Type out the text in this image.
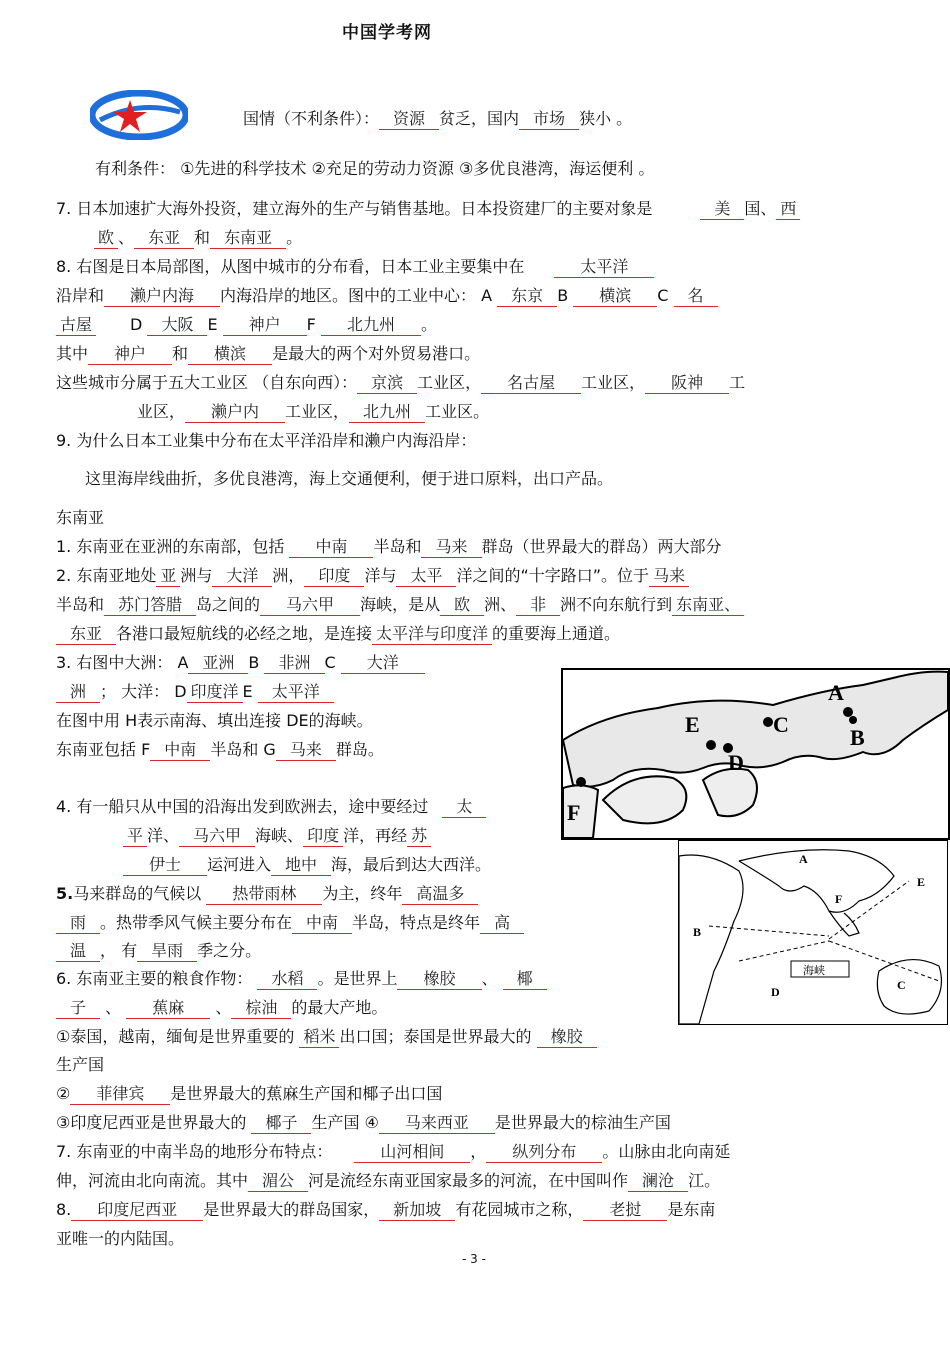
中国学考网
国情（不利条件）： 资源 贫乏，国内 市场 狭小 。
有利条件： ①先进的科学技术 ②充足的劳动力资源 ③多优良港湾，海运便利 。
7. 日本加速扩大海外投资，建立海外的生产与销售基地。日本投资建厂的主要对象是	美 国、 西
欧 、 东亚 和 东南亚 。
8. 右图是日本局部图，从图中城市的分布看，日本工业主要集中在	太平洋
沿岸和 濑户内海 内海沿岸的地区。图中的工业中心： A 东京 B 横滨 C 名
古屋 D 大阪 E 神户 F 北九州 。
其中 神户 和 横滨 是最大的两个对外贸易港口。
这些城市分属于五大工业区 （自东向西）： 京滨 工业区， 名古屋 工业区， 阪神 工
业区， 濑户内 工业区， 北九州 工业区。
9. 为什么日本工业集中分布在太平洋沿岸和濑户内海沿岸：
这里海岸线曲折，多优良港湾，海上交通便利，便于进口原料，出口产品。
东南亚
1. 东南亚在亚洲的东南部，包括 中南 半岛和 马来 群岛（世界最大的群岛）两大部分
2. 东南亚地处 亚 洲与 大洋 洲， 印度 洋与 太平 洋之间的“十字路口”。位于 马来
半岛和 苏门答腊 岛之间的 马六甲 海峡，是从 欧 洲、 非 洲不向东航行到 东南亚、
东亚 各港口最短航线的必经之地，是连接 太平洋与印度洋 的重要海上通道。
3. 右图中大洲： A 亚洲 B 非洲 C 大洋
洲 ； 大洋： D 印度洋 E 太平洋
在图中用 H表示南海、填出连接 DE的海峡。
东南亚包括 F 中南 半岛和 G 马来 群岛。
4. 有一船只从中国的沿海出发到欧洲去，途中要经过 太
平 洋、 马六甲 海峡、 印度 洋，再经 苏
伊士 运河进入 地中 海，最后到达大西洋。
5.马来群岛的气候以 热带雨林 为主，终年 高温多
雨 。热带季风气候主要分布在 中南 半岛，特点是终年 高
温 ， 有 旱雨 季之分。
6. 东南亚主要的粮食作物： 水稻 。是世界上 橡胶 、 椰
子 、 蕉麻 、 棕油 的最大产地。
①泰国，越南，缅甸是世界重要的 稻米 出口国；泰国是世界最大的 橡胶
生产国
② 菲律宾 是世界最大的蕉麻生产国和椰子出口国
③印度尼西亚是世界最大的 椰子 生产国 ④ 马来西亚 是世界最大的棕油生产国
7. 东南亚的中南半岛的地形分布特点：	山河相间 ， 纵列分布 。山脉由北向南延
伸，河流由北向南流。其中 湄公 河是流经东南亚国家最多的河流，在中国叫作 澜沧 江。
8. 印度尼西亚 是世界最大的群岛国家， 新加坡 有花园城市之称， 老挝 是东南
亚唯一的内陆国。
A
B
C
D
E
F
海峡
A
B
C
D
E
F
- 3 -
